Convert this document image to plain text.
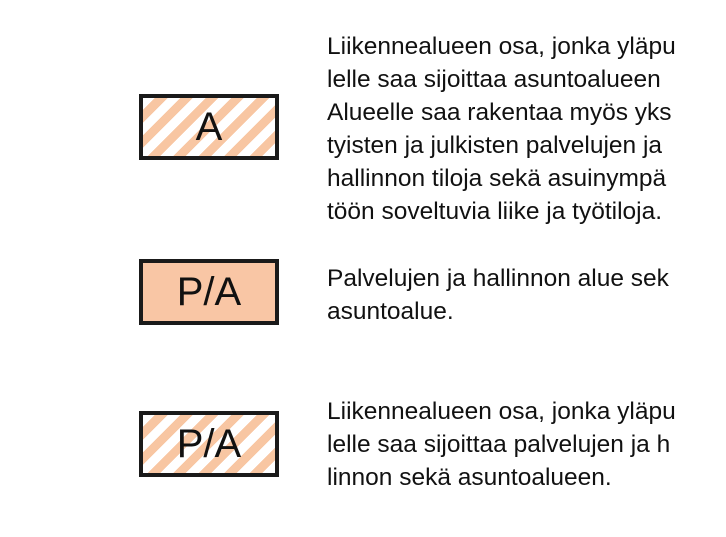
A

Liikennealueen osa, jonka yläpu
lelle saa sijoittaa asuntoalueen
Alueelle saa rakentaa myös yks
tyisten ja julkisten palvelujen ja
hallinnon tiloja sekä asuinympä
töön soveltuvia liike ja työtiloja.

P/A	Palvelujen ja hallinnon alue sek
asuntoalue.

P/A

Liikennealueen osa, jonka yläpu
lelle saa sijoittaa palvelujen ja h
linnon sekä asuntoalueen.
